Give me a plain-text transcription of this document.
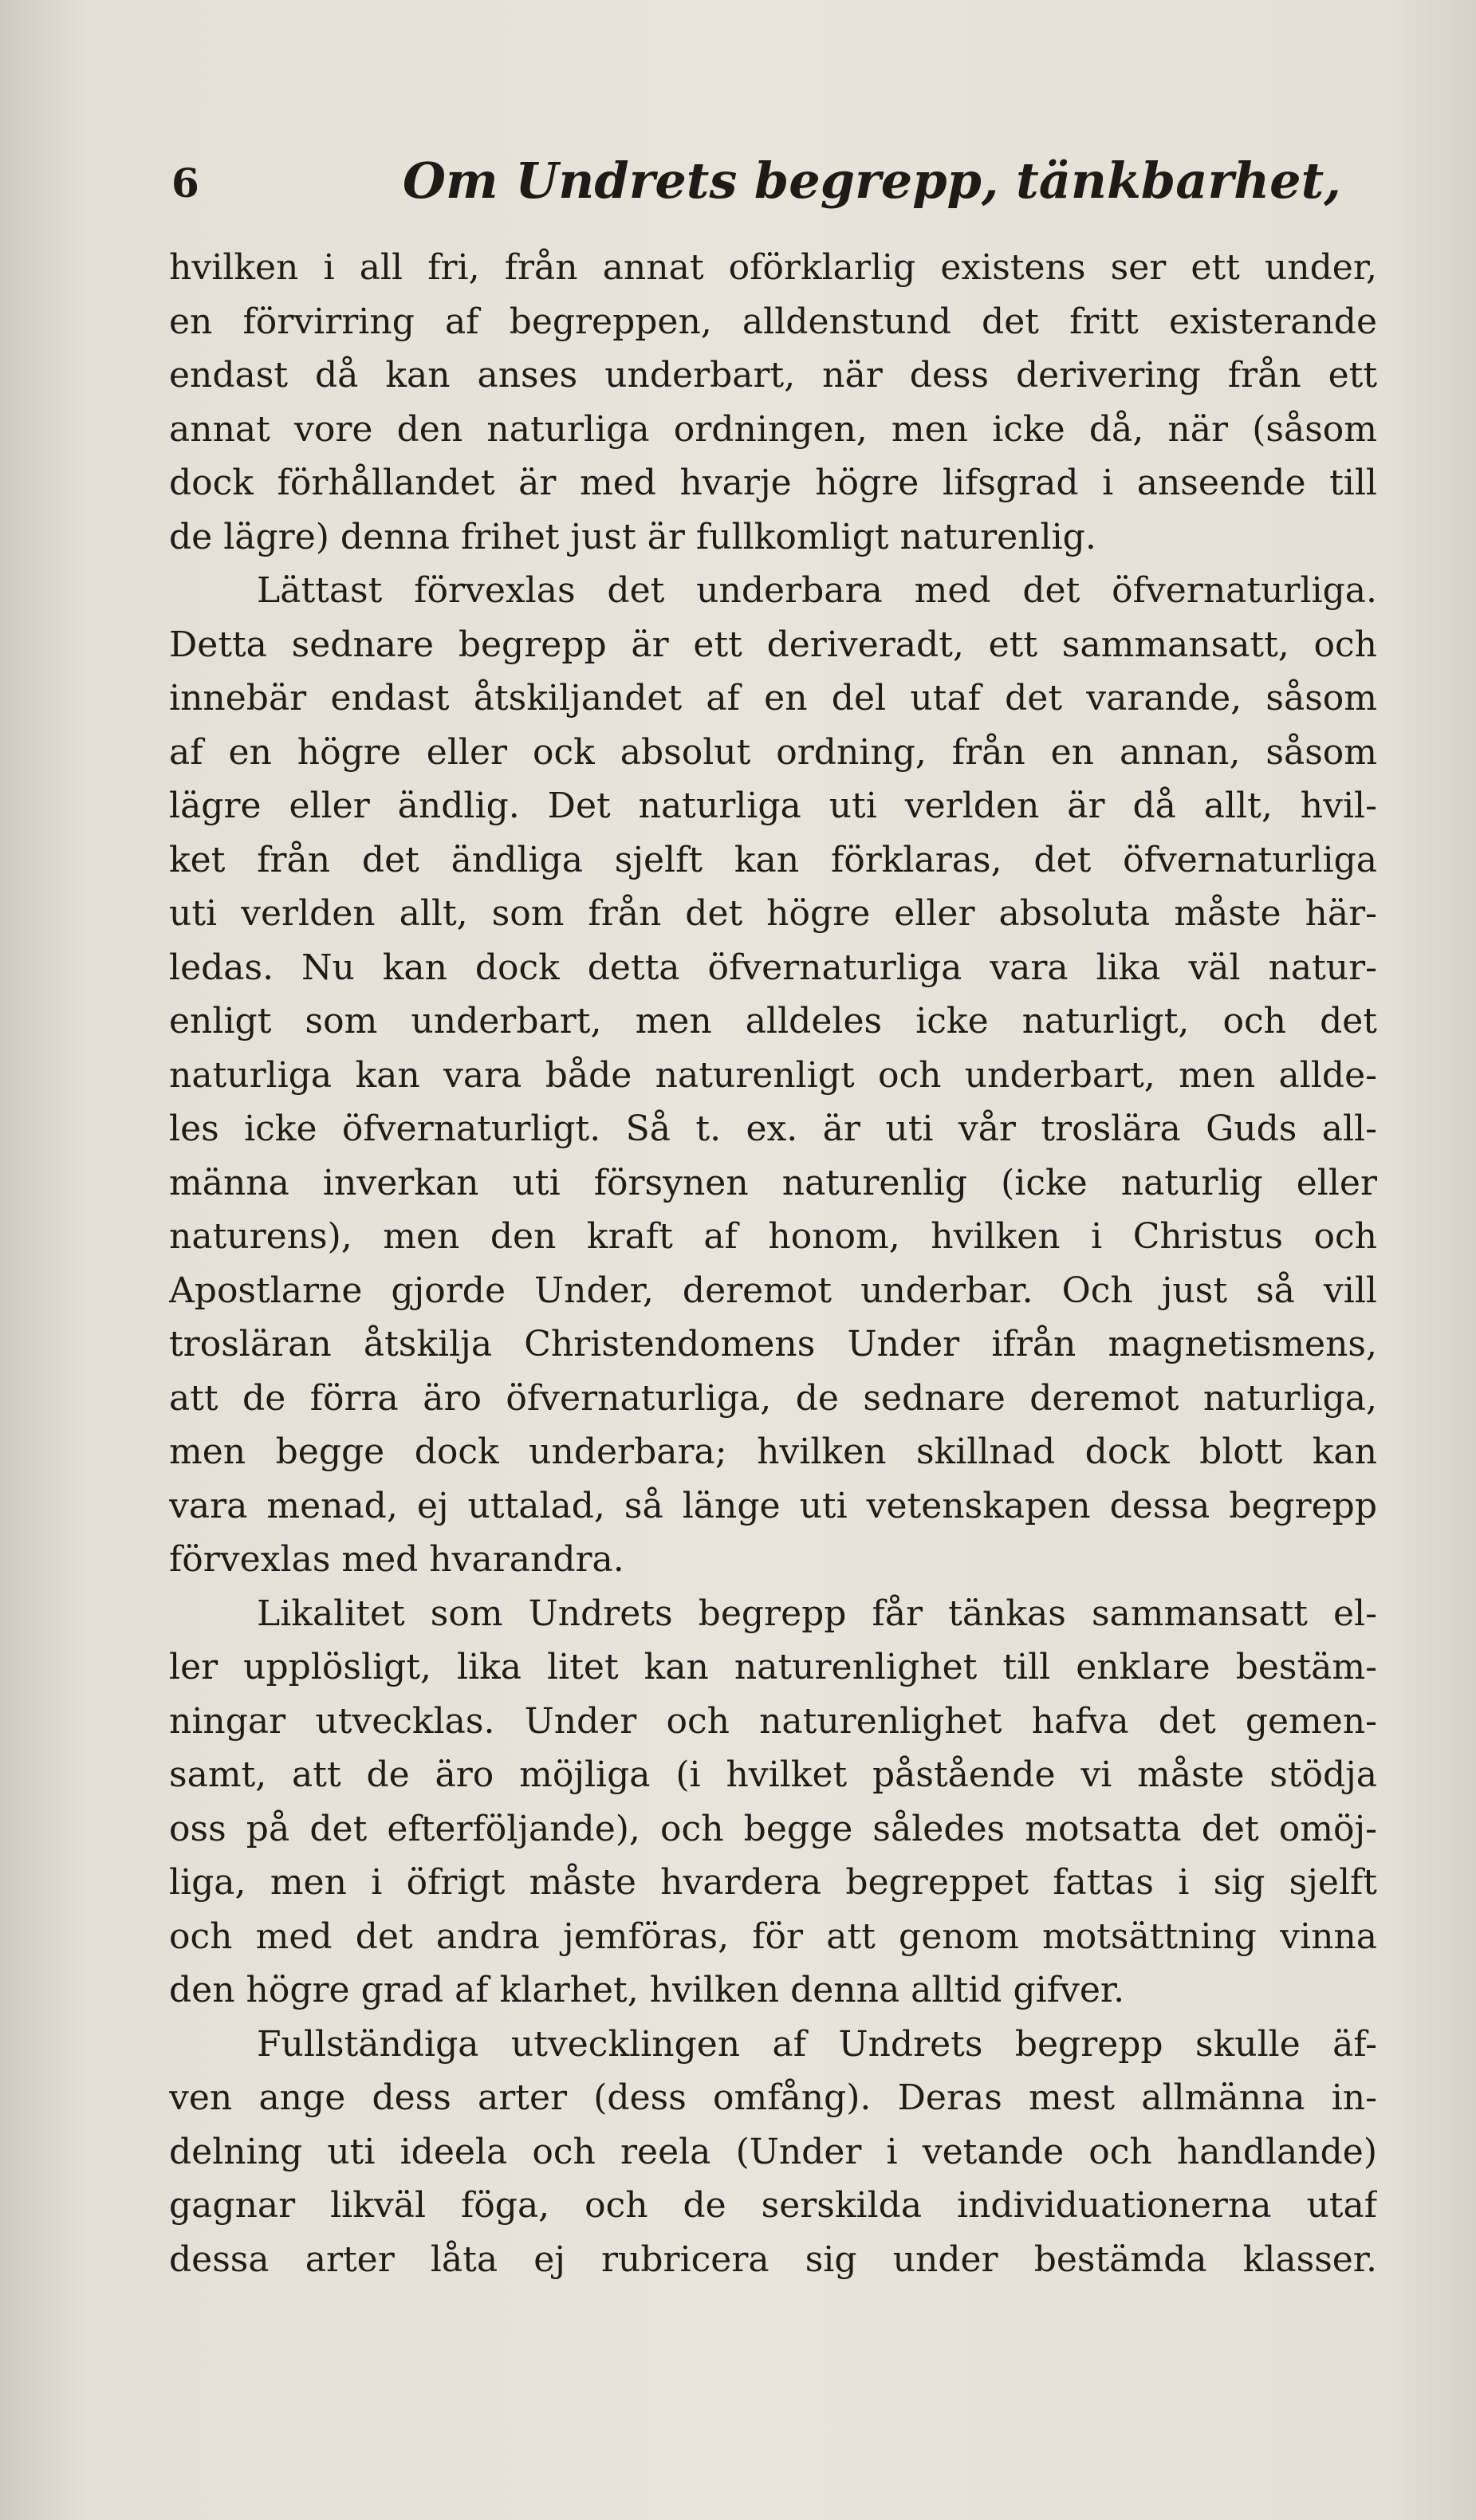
6	Om Undrets begrepp, tänkbarhet,
hvilken i all fri, från annat oförklarlig existens ser ett under,
en förvirring af begreppen, alldenstund det fritt existerande
endast då kan anses underbart, när dess derivering från ett
annat vore den naturliga ordningen, men icke då, när (såsom
dock förhållandet är med hvarje högre lifsgrad i anseende till
de lägre) denna frihet just är fullkomligt naturenlig.
Lättast förvexlas det underbara med det öfvernaturliga.
Detta sednare begrepp är ett deriveradt, ett sammansatt, och
innebär endast åtskiljandet af en del utaf det varande, såsom
af en högre eller ock absolut ordning, från en annan, såsom
lägre eller ändlig. Det naturliga uti verlden är då allt, hvil-
ket från det ändliga sjelft kan förklaras, det öfvernaturliga
uti verlden allt, som från det högre eller absoluta måste här-
ledas. Nu kan dock detta öfvernaturliga vara lika väl natur-
enligt som underbart, men alldeles icke naturligt, och det
naturliga kan vara både naturenligt och underbart, men allde-
les icke öfvernaturligt. Så t. ex. är uti vår troslära Guds all-
männa inverkan uti försynen naturenlig (icke naturlig eller
naturens), men den kraft af honom, hvilken i Christus och
Apostlarne gjorde Under, deremot underbar. Och just så vill
trosläran åtskilja Christendomens Under ifrån magnetismens,
att de förra äro öfvernaturliga, de sednare deremot naturliga,
men begge dock underbara; hvilken skillnad dock blott kan
vara menad, ej uttalad, så länge uti vetenskapen dessa begrepp
förvexlas med hvarandra.
Likalitet som Undrets begrepp får tänkas sammansatt el-
ler upplösligt, lika litet kan naturenlighet till enklare bestäm-
ningar utvecklas. Under och naturenlighet hafva det gemen-
samt, att de äro möjliga (i hvilket påstående vi måste stödja
oss på det efterföljande), och begge således motsatta det omöj-
liga, men i öfrigt måste hvardera begreppet fattas i sig sjelft
och med det andra jemföras, för att genom motsättning vinna
den högre grad af klarhet, hvilken denna alltid gifver.
Fullständiga utvecklingen af Undrets begrepp skulle äf-
ven ange dess arter (dess omfång). Deras mest allmänna in-
delning uti ideela och reela (Under i vetande och handlande)
gagnar likväl föga, och de serskilda individuationerna utaf
dessa arter låta ej rubricera sig under bestämda klasser.
